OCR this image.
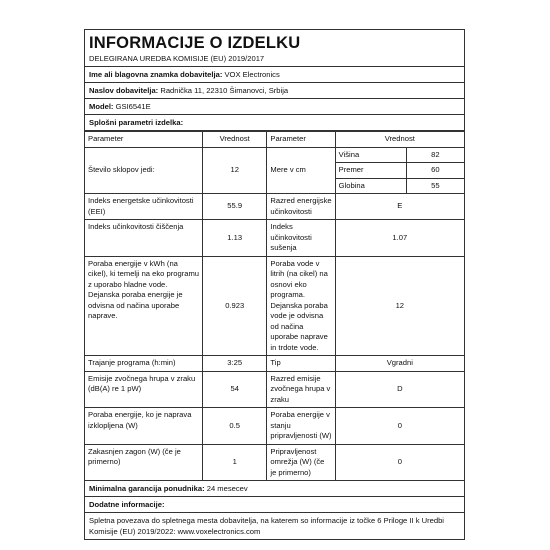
INFORMACIJE O IZDELKU
DELEGIRANA UREDBA KOMISIJE (EU) 2019/2017
Ime ali blagovna znamka dobavitelja: VOX Electronics
Naslov dobavitelja: Radnička 11, 22310 Šimanovci, Srbija
Model: GSI6541E
Splošni parametri izdelka:
Parameter	Vrednost	Parameter	Vrednost
Število sklopov jedi:	12	Mere v cm	
Višina	82
Premer	60
Globina	55

Indeks energetske učinkovitosti (EEI)	55.9	Razred energijske učinkovitosti	E
Indeks učinkovitosti čiščenja	1.13	Indeks učinkovitosti sušenja	1.07
Poraba energije v kWh (na cikel), ki temelji na eko programu z uporabo hladne vode. Dejanska poraba energije je odvisna od načina uporabe naprave.	0.923	Poraba vode v litrih (na cikel) na osnovi eko programa. Dejanska poraba vode je odvisna od načina uporabe naprave in trdote vode.	12
Trajanje programa (h:min)	3:25	Tip	Vgradni
Emisije zvočnega hrupa v zraku (dB(A) re 1 pW)	54	Razred emisije zvočnega hrupa v zraku	D
Poraba energije, ko je naprava izklopljena (W)	0.5	Poraba energije v stanju pripravljenosti (W)	0
Zakasnjen zagon (W) (če je primerno)	1	Pripravljenost omrežja (W) (če je primerno)	0
Minimalna garancija ponudnika: 24 mesecev
Dodatne informacije:
Spletna povezava do spletnega mesta dobavitelja, na katerem so informacije iz točke 6 Priloge II k Uredbi Komisije (EU) 2019/2022: www.voxelectronics.com
